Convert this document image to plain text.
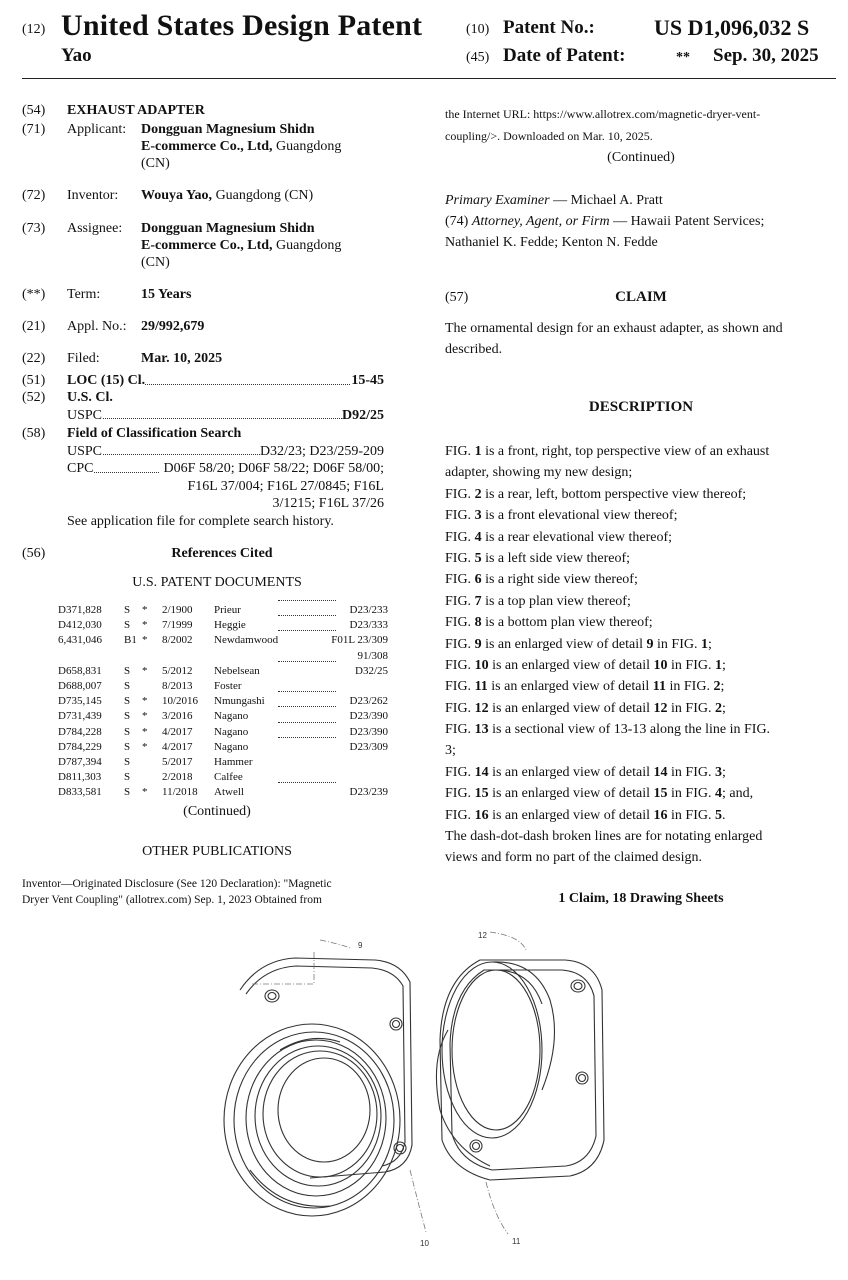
(12) United States Design Patent	(10) Patent No.:	US D1,096,032 S
Yao	(45) Date of Patent:	** Sep. 30, 2025
(54) EXHAUST ADAPTER
(71) Applicant: Dongguan Magnesium Shidn
E-commerce Co., Ltd, Guangdong
(CN)
(72) Inventor: Wouya Yao, Guangdong (CN)
(73) Assignee: Dongguan Magnesium Shidn
E-commerce Co., Ltd, Guangdong
(CN)
(**) Term:	15 Years
(21) Appl. No.: 29/992,679
(22) Filed:	Mar. 10, 2025
(51) LOC (15) Cl.	15-45
(52) U.S. Cl.
USPC	D92/25
(58) Field of Classification Search
USPC	D32/23; D23/259-209
CPC	D06F 58/20; D06F 58/22; D06F 58/00;
F16L 37/004; F16L 27/0845; F16L
3/1215; F16L 37/26
See application file for complete search history.
(56)	References Cited
U.S. PATENT DOCUMENTS
D371,828 S * 2/1900 Prieur	D23/233
D412,030 S * 7/1999 Heggie	D23/333
6,431,046 B1 * 8/2002 Newdamwood	F01L 23/309
91/308
D658,831 S * 5/2012 Nebelsean	D32/25
D688,007 S	8/2013 Foster
D735,145 S * 10/2016 Nmungashi	D23/262
D731,439 S * 3/2016 Nagano	D23/390
D784,228 S * 4/2017 Nagano	D23/390
D784,229 S * 4/2017 Nagano	D23/309
D787,394 S	5/2017 Hammer
D811,303 S	2/2018 Calfee
D833,581 S * 11/2018 Atwell	D23/239
(Continued)
OTHER PUBLICATIONS
Inventor—Originated Disclosure (See 120 Declaration): "Magnetic
Dryer Vent Coupling" (allotrex.com) Sep. 1, 2023 Obtained from
the Internet URL: https://www.allotrex.com/magnetic-dryer-vent-
coupling/>. Downloaded on Mar. 10, 2025.
(Continued)
Primary Examiner — Michael A. Pratt
(74) Attorney, Agent, or Firm — Hawaii Patent Services;
Nathaniel K. Fedde; Kenton N. Fedde
(57)	CLAIM
The ornamental design for an exhaust adapter, as shown and
described.
DESCRIPTION
FIG. 1 is a front, right, top perspective view of an exhaust
adapter, showing my new design;
FIG. 2 is a rear, left, bottom perspective view thereof;
FIG. 3 is a front elevational view thereof;
FIG. 4 is a rear elevational view thereof;
FIG. 5 is a left side view thereof;
FIG. 6 is a right side view thereof;
FIG. 7 is a top plan view thereof;
FIG. 8 is a bottom plan view thereof;
FIG. 9 is an enlarged view of detail 9 in FIG. 1;
FIG. 10 is an enlarged view of detail 10 in FIG. 1;
FIG. 11 is an enlarged view of detail 11 in FIG. 2;
FIG. 12 is an enlarged view of detail 12 in FIG. 2;
FIG. 13 is a sectional view of 13-13 along the line in FIG.
3;
FIG. 14 is an enlarged view of detail 14 in FIG. 3;
FIG. 15 is an enlarged view of detail 15 in FIG. 4; and,
FIG. 16 is an enlarged view of detail 16 in FIG. 5.
The dash-dot-dash broken lines are for notating enlarged
views and form no part of the claimed design.
1 Claim, 18 Drawing Sheets
9
12
10	11
